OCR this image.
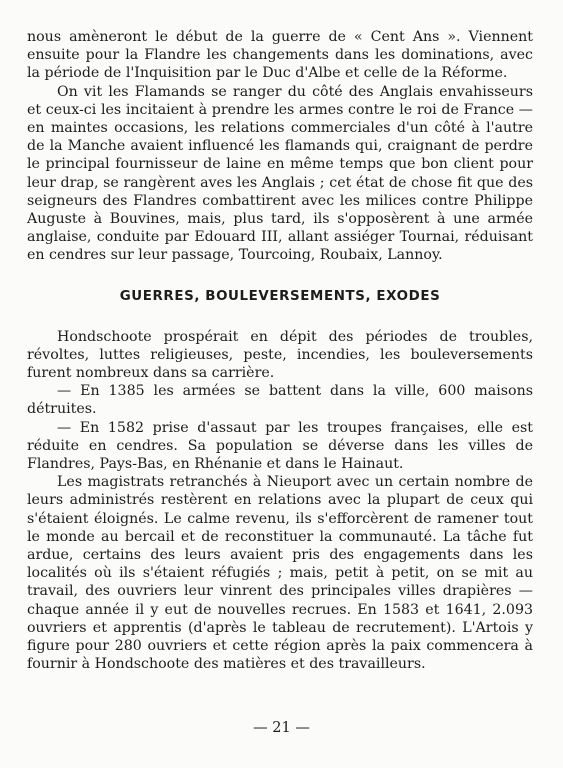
nous amèneront le début de la guerre de « Cent Ans ». Viennent ensuite pour la Flandre les changements dans les dominations, avec la période de l'Inquisition par le Duc d'Albe et celle de la Réforme.

On vit les Flamands se ranger du côté des Anglais envahisseurs et ceux-ci les incitaient à prendre les armes contre le roi de France — en maintes occasions, les relations commerciales d'un côté à l'autre de la Manche avaient influencé les flamands qui, craignant de perdre le principal fournisseur de laine en même temps que bon client pour leur drap, se rangèrent aves les Anglais ; cet état de chose fit que des seigneurs des Flandres combattirent avec les milices contre Philippe Auguste à Bouvines, mais, plus tard, ils s'opposèrent à une armée anglaise, conduite par Edouard III, allant assiéger Tournai, réduisant en cendres sur leur passage, Tourcoing, Roubaix, Lannoy.

GUERRES, BOULEVERSEMENTS, EXODES

Hondschoote prospérait en dépit des périodes de troubles, révoltes, luttes religieuses, peste, incendies, les bouleversements furent nombreux dans sa carrière.

— En 1385 les armées se battent dans la ville, 600 maisons détruites.

— En 1582 prise d'assaut par les troupes françaises, elle est réduite en cendres. Sa population se déverse dans les villes de Flandres, Pays-Bas, en Rhénanie et dans le Hainaut.

Les magistrats retranchés à Nieuport avec un certain nombre de leurs administrés restèrent en relations avec la plupart de ceux qui s'étaient éloignés. Le calme revenu, ils s'efforcèrent de ramener tout le monde au bercail et de reconstituer la communauté. La tâche fut ardue, certains des leurs avaient pris des engagements dans les localités où ils s'étaient réfugiés ; mais, petit à petit, on se mit au travail, des ouvriers leur vinrent des principales villes drapières — chaque année il y eut de nouvelles recrues. En 1583 et 1641, 2.093 ouvriers et apprentis (d'après le tableau de recrutement). L'Artois y figure pour 280 ouvriers et cette région après la paix commencera à fournir à Hondschoote des matières et des travailleurs.

— 21 —
